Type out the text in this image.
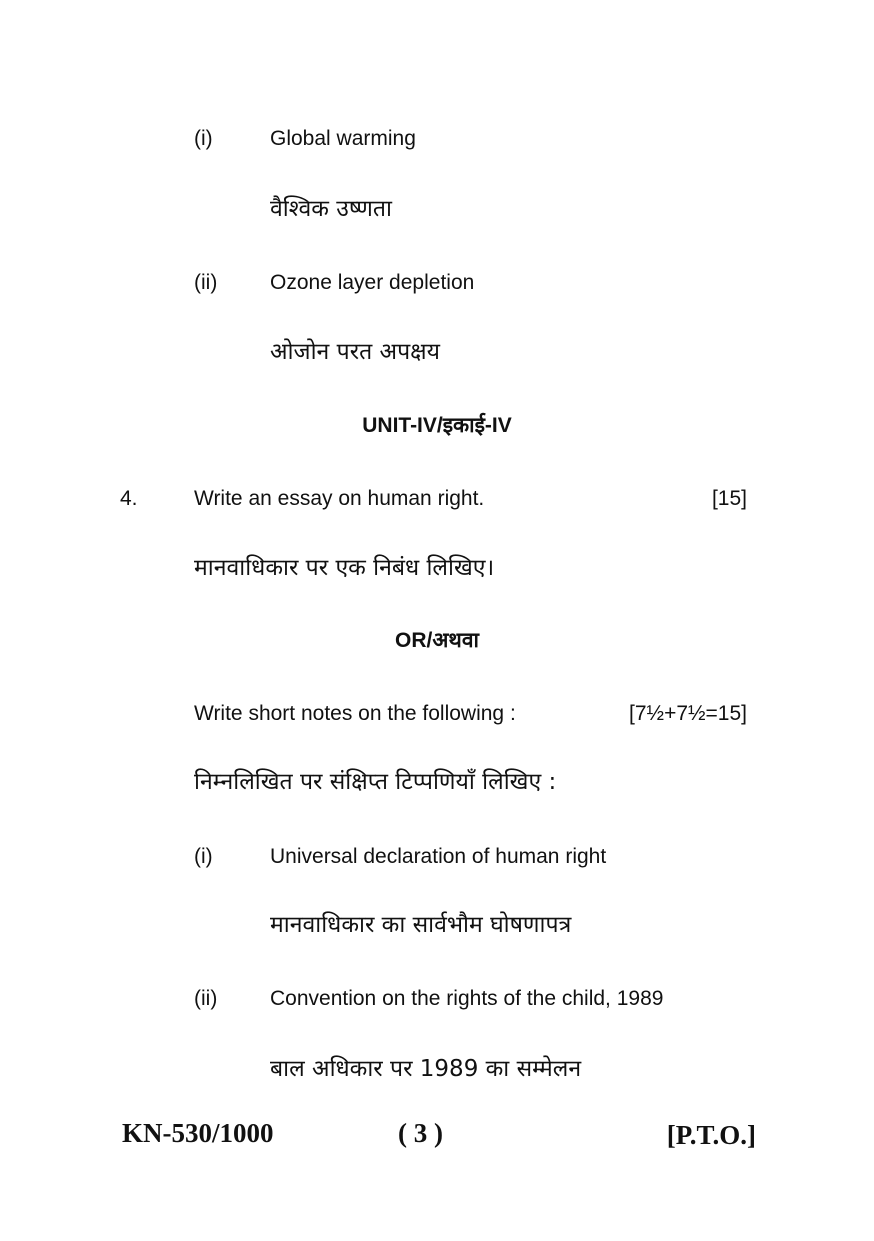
(i)	Global warming
वैश्विक उष्णता
(ii)	Ozone layer depletion
ओजोन परत अपक्षय
UNIT-IV/इकाई-IV
4.	Write an essay on human right.	[15]
मानवाधिकार पर एक निबंध लिखिए।
OR/अथवा
Write short notes on the following :	[7½+7½=15]
निम्नलिखित पर संक्षिप्त टिप्पणियाँ लिखिए :
(i)	Universal declaration of human right
मानवाधिकार का सार्वभौम घोषणापत्र
(ii)	Convention on the rights of the child, 1989
बाल अधिकार पर 1989 का सम्मेलन
KN-530/1000	( 3 )	[P.T.O.]
